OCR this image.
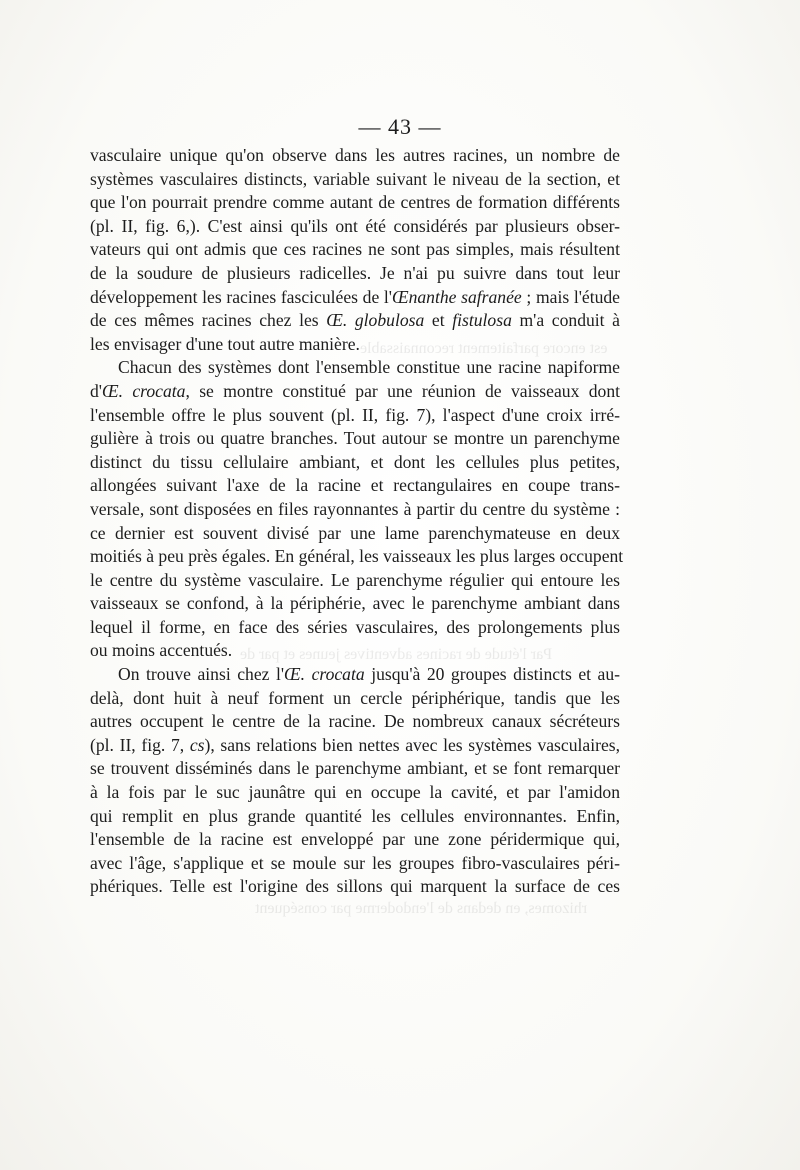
est encore parfaitement reconnaissable
Par l'étude de racines adventives jeunes et par de
rhizomes, en dedans de l'endoderme par conséquent
— 43 —
vasculaire unique qu'on observe dans les autres racines, un nombre de
systèmes vasculaires distincts, variable suivant le niveau de la section, et
que l'on pourrait prendre comme autant de centres de formation différents
(pl. II, fig. 6,). C'est ainsi qu'ils ont été considérés par plusieurs obser-
vateurs qui ont admis que ces racines ne sont pas simples, mais résultent
de la soudure de plusieurs radicelles. Je n'ai pu suivre dans tout leur
développement les racines fasciculées de l'Œnanthe safranée ; mais l'étude
de ces mêmes racines chez les Œ. globulosa et fistulosa m'a conduit à
les envisager d'une tout autre manière.
Chacun des systèmes dont l'ensemble constitue une racine napiforme
d'Œ. crocata, se montre constitué par une réunion de vaisseaux dont
l'ensemble offre le plus souvent (pl. II, fig. 7), l'aspect d'une croix irré-
gulière à trois ou quatre branches. Tout autour se montre un parenchyme
distinct du tissu cellulaire ambiant, et dont les cellules plus petites,
allongées suivant l'axe de la racine et rectangulaires en coupe trans-
versale, sont disposées en files rayonnantes à partir du centre du système :
ce dernier est souvent divisé par une lame parenchymateuse en deux
moitiés à peu près égales. En général, les vaisseaux les plus larges occupent
le centre du système vasculaire. Le parenchyme régulier qui entoure les
vaisseaux se confond, à la périphérie, avec le parenchyme ambiant dans
lequel il forme, en face des séries vasculaires, des prolongements plus
ou moins accentués.
On trouve ainsi chez l'Œ. crocata jusqu'à 20 groupes distincts et au-
delà, dont huit à neuf forment un cercle périphérique, tandis que les
autres occupent le centre de la racine. De nombreux canaux sécréteurs
(pl. II, fig. 7, cs), sans relations bien nettes avec les systèmes vasculaires,
se trouvent disséminés dans le parenchyme ambiant, et se font remarquer
à la fois par le suc jaunâtre qui en occupe la cavité, et par l'amidon
qui remplit en plus grande quantité les cellules environnantes. Enfin,
l'ensemble de la racine est enveloppé par une zone péridermique qui,
avec l'âge, s'applique et se moule sur les groupes fibro-vasculaires péri-
phériques. Telle est l'origine des sillons qui marquent la surface de ces
